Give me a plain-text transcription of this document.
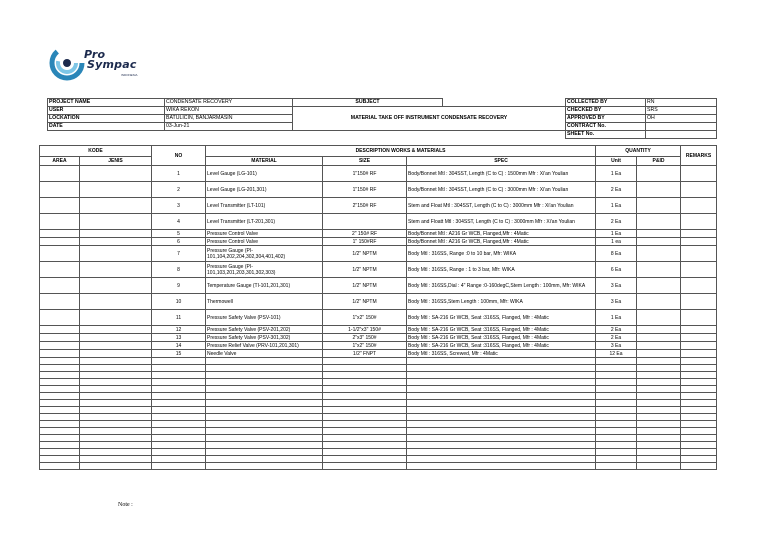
Pro
Sympac
INDONESIA
PROJECT NAME	CONDENSATE RECOVERY	SUBJECT		COLLECTED BY	RN
USER	WIKA REKON	MATERIAL TAKE OFF INSTRUMENT CONDENSATE RECOVERY		CHECKED BY	SRS
LOCKATION	BATULICIN, BANJARMASIN			APPROVED BY	OH
DATE	03-Jun-21			CONTRACT No.	
				SHEET No.	
KODE		NO	DESCRIPTION WORKS & MATERIALS			QUANTITY		REMARKS
AREA	JENIS		MATERIAL	SIZE	SPEC	Unit	P&ID	
		1	Level Gauge (LG-101)	1"150# RF	Body/Bonnet Mtl : 304SST, Length (C to C) : 1500mm Mfr : Xi'an Youlian	1 Ea		
		2	Level Gauge (LG-201,301)	1"150# RF	Body/Bonnet Mtl : 304SST, Length (C to C) : 3000mm Mfr : Xi'an Youlian	2 Ea		
		3	Level Transmitter (LT-101)	2"150# RF	Stem and Float Mtl : 304SST, Length (C to C) : 3000mm Mfr : Xi'an Youlian	1 Ea		
		4	Level Transmitter (LT-201,301)		Stem and Floatt Mtl : 304SST, Length (C to C) : 3000mm Mfr : Xi'an Youlian	2 Ea		
		5	Pressure Control Valve	2" 150# RF	Body/Bonnet Mtl : A216 Gr WCB, Flanged,Mfr : 4Matic	1 Ea		
		6	Pressure Control Valve	1" 150#RF	Body/Bonnet Mtl : A216 Gr WCB, Flanged,Mfr : 4Matic	1 ea		
		7	Pressure Gauge (PI-101,104,202,204,302,304,401,402)	1/2" NPTM	Body Mtl : 316SS, Range :0 to 10 bar, Mfr: WIKA	8 Ea		
		8	Pressure Gauge (PI-101,103,201,203,301,302,303)	1/2" NPTM	Body Mtl : 316SS, Range : 1 to 3 bar, Mfr: WIKA	6 Ea		
		9	Temperature Gauge (TI-101,201,301)	1/2" NPTM	Body Mtl : 316SS,Dial : 4" Range :0-160degC,Stem Length : 100mm, Mfr: WIKA	3 Ea		
		10	Thermowell	1/2" NPTM	Body Mtl : 316SS,Stem Length : 100mm, Mfr: WIKA	3 Ea		
		11	Pressure Safety Valve (PSV-101)	1"x2" 150#	Body Mtl : SA-216 Gr WCB, Seat :316SS, Flanged, Mfr : 4Matic	1 Ea		
		12	Pressure Safety Valve (PSV-201,202)	1-1/2"x3" 150#	Body Mtl : SA-216 Gr WCB, Seat :316SS, Flanged, Mfr : 4Matic	2 Ea		
		13	Pressure Safety Valve (PSV-301,302)	2"x3" 150#	Body Mtl : SA-216 Gr WCB, Seat :316SS, Flanged, Mfr : 4Matic	2 Ea		
		14	Pressure Relief Valve (PRV-101,201,301)	1"x2" 150#	Body Mtl : SA-216 Gr WCB, Seat :316SS, Flanged, Mfr : 4Matic	3 Ea		
		15	Needle Valve	1/2" FNPT	Body Mtl : 316SS, Screwed, Mfr : 4Matic	12 Ea		

Note :
